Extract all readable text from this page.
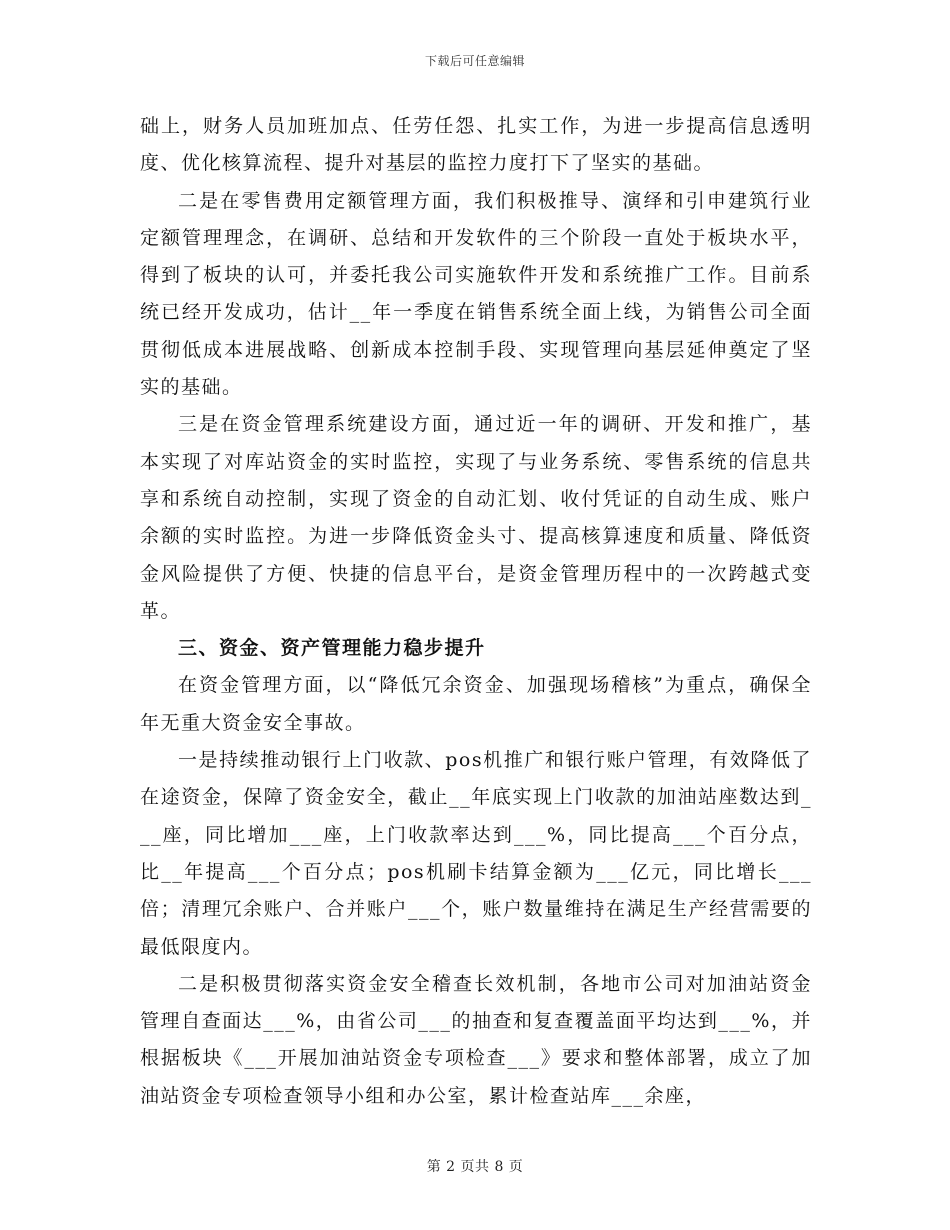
下载后可任意编辑

础上，财务人员加班加点、任劳任怨、扎实工作，为进一步提高信息透明度、优化核算流程、提升对基层的监控力度打下了坚实的基础。

二是在零售费用定额管理方面，我们积极推导、演绎和引申建筑行业定额管理理念，在调研、总结和开发软件的三个阶段一直处于板块水平，得到了板块的认可，并委托我公司实施软件开发和系统推广工作。目前系统已经开发成功，估计__年一季度在销售系统全面上线，为销售公司全面贯彻低成本进展战略、创新成本控制手段、实现管理向基层延伸奠定了坚实的基础。

三是在资金管理系统建设方面，通过近一年的调研、开发和推广，基本实现了对库站资金的实时监控，实现了与业务系统、零售系统的信息共享和系统自动控制，实现了资金的自动汇划、收付凭证的自动生成、账户余额的实时监控。为进一步降低资金头寸、提高核算速度和质量、降低资金风险提供了方便、快捷的信息平台，是资金管理历程中的一次跨越式变革。

三、资金、资产管理能力稳步提升

在资金管理方面，以“降低冗余资金、加强现场稽核”为重点，确保全年无重大资金安全事故。

一是持续推动银行上门收款、pos机推广和银行账户管理，有效降低了在途资金，保障了资金安全，截止__年底实现上门收款的加油站座数达到___座，同比增加___座，上门收款率达到___%，同比提高___个百分点，比__年提高___个百分点；pos机刷卡结算金额为___亿元，同比增长___倍；清理冗余账户、合并账户___个，账户数量维持在满足生产经营需要的最低限度内。

二是积极贯彻落实资金安全稽查长效机制，各地市公司对加油站资金管理自查面达___%，由省公司___的抽查和复查覆盖面平均达到___%，并根据板块《___开展加油站资金专项检查___》要求和整体部署，成立了加油站资金专项检查领导小组和办公室，累计检查站库___余座，

第 2 页共 8 页
